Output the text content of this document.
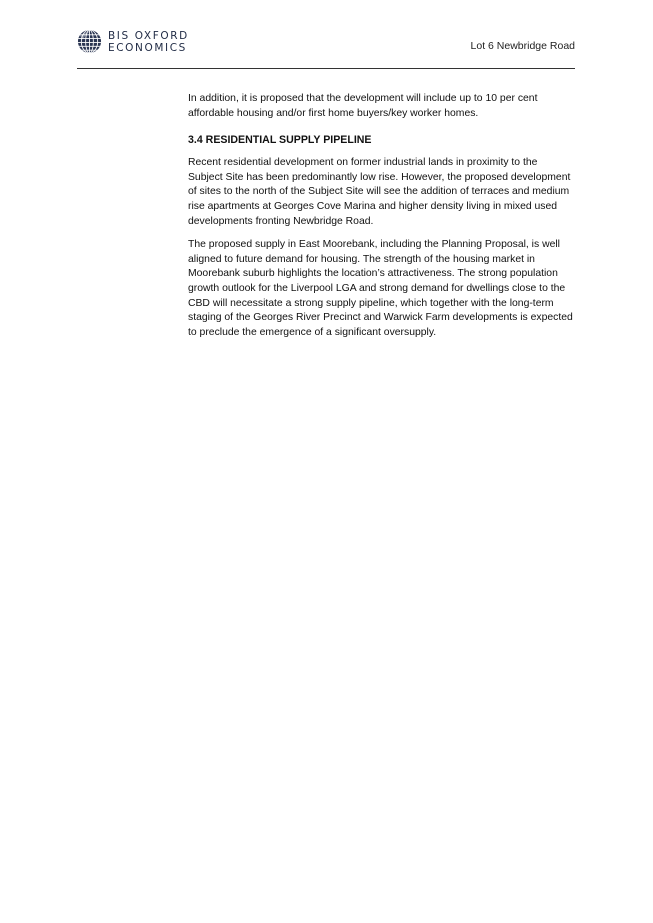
BIS OXFORD
ECONOMICS	Lot 6 Newbridge Road

In addition, it is proposed that the development will include up to 10 per cent affordable housing and/or first home buyers/key worker homes.

3.4 RESIDENTIAL SUPPLY PIPELINE

Recent residential development on former industrial lands in proximity to the Subject Site has been predominantly low rise. However, the proposed development of sites to the north of the Subject Site will see the addition of terraces and medium rise apartments at Georges Cove Marina and higher density living in mixed used developments fronting Newbridge Road.

The proposed supply in East Moorebank, including the Planning Proposal, is well aligned to future demand for housing. The strength of the housing market in Moorebank suburb highlights the location’s attractiveness. The strong population growth outlook for the Liverpool LGA and strong demand for dwellings close to the CBD will necessitate a strong supply pipeline, which together with the long-term staging of the Georges River Precinct and Warwick Farm developments is expected to preclude the emergence of a significant oversupply.
